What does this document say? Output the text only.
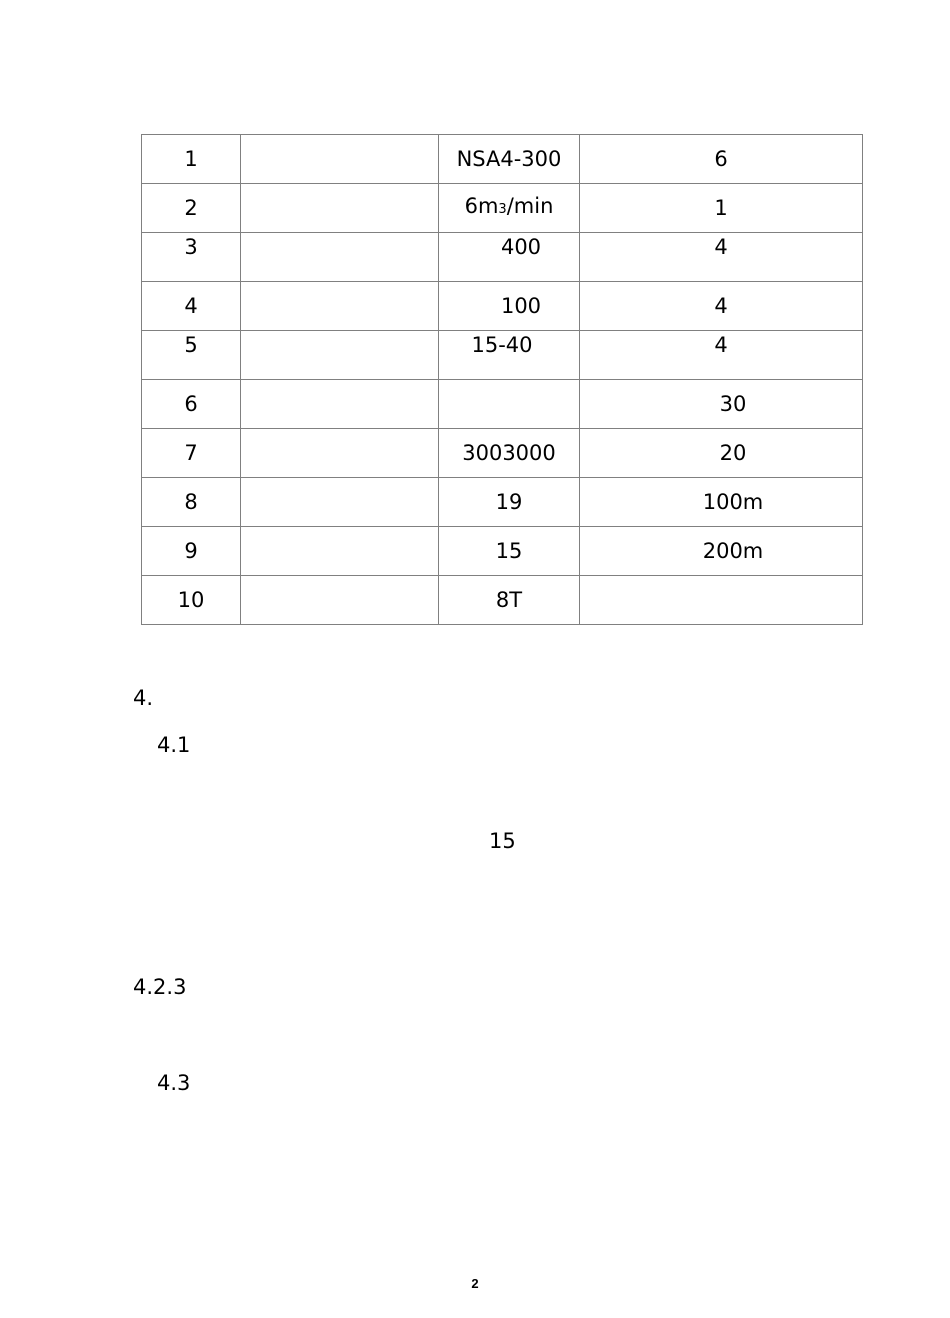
1		NSA4-300	6
2		6m3/min	1
3		400	4
4		100	4
5		15-40	4
6			30
7		3003000	20
8		19	100m
9		15	200m
10		8T	
4.
4.1
15
4.2.3
4.3
2
